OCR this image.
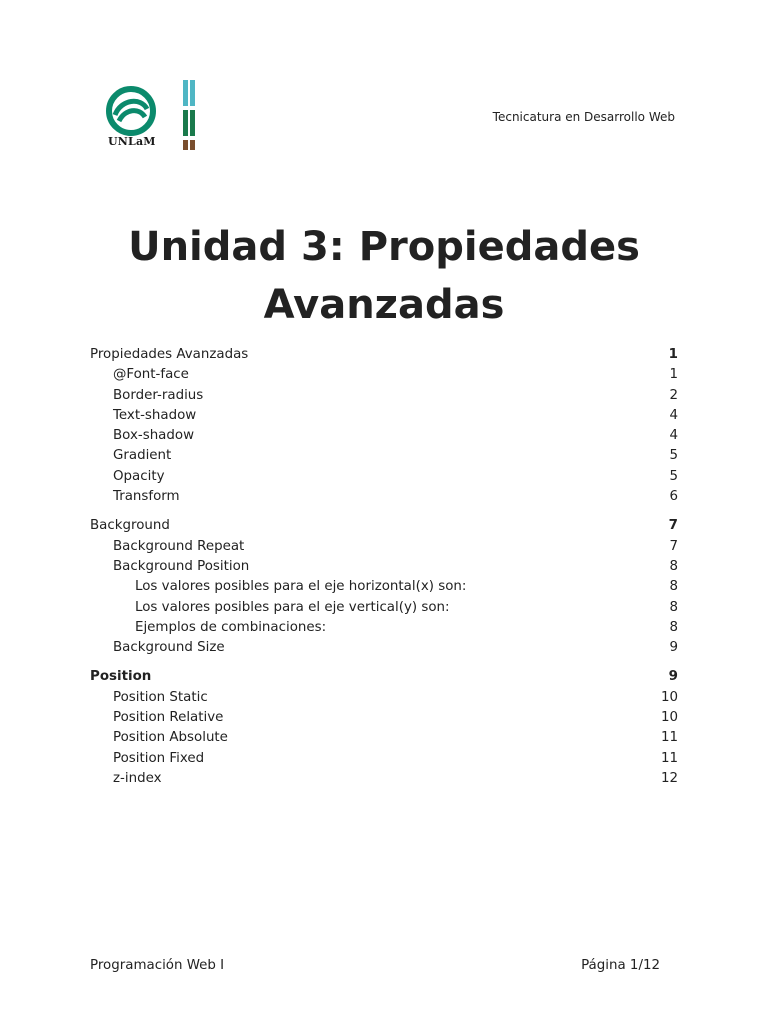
UNLaM
Tecnicatura en Desarrollo Web
Unidad 3: Propiedades
Avanzadas
Propiedades Avanzadas	1
@Font-face	1
Border-radius	2
Text-shadow	4
Box-shadow	4
Gradient	5
Opacity	5
Transform	6
Background	7
Background Repeat	7
Background Position	8
Los valores posibles para el eje horizontal(x) son:	8
Los valores posibles para el eje vertical(y) son:	8
Ejemplos de combinaciones:	8
Background Size	9
Position	9
Position Static	10
Position Relative	10
Position Absolute	11
Position Fixed	11
z-index	12
Programación Web I	Página 1/12
